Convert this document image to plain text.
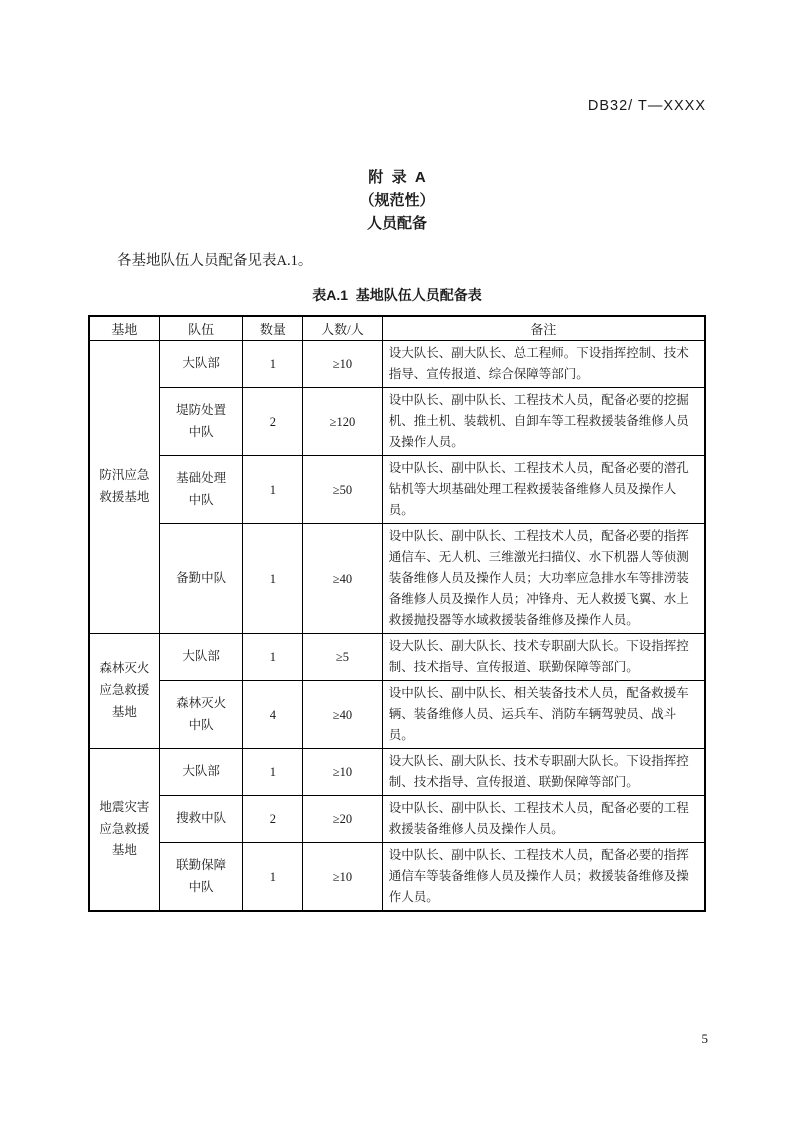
DB32/ T—XXXX
附  录  A
（规范性）
人员配备
各基地队伍人员配备见表A.1。
表A.1  基地队伍人员配备表
基地	队伍	数量	人数/人	备注
防汛应急救援基地	大队部	1	≥10	设大队长、副大队长、总工程师。下设指挥控制、技术指导、宣传报道、综合保障等部门。
	堤防处置中队	2	≥120	设中队长、副中队长、工程技术人员，配备必要的挖掘机、推土机、装载机、自卸车等工程救援装备维修人员及操作人员。
	基础处理中队	1	≥50	设中队长、副中队长、工程技术人员，配备必要的潜孔钻机等大坝基础处理工程救援装备维修人员及操作人员。
	备勤中队	1	≥40	设中队长、副中队长、工程技术人员，配备必要的指挥通信车、无人机、三维激光扫描仪、水下机器人等侦测装备维修人员及操作人员；大功率应急排水车等排涝装备维修人员及操作人员；冲锋舟、无人救援飞翼、水上救援抛投器等水域救援装备维修及操作人员。
森林灭火应急救援基地	大队部	1	≥5	设大队长、副大队长、技术专职副大队长。下设指挥控制、技术指导、宣传报道、联勤保障等部门。
	森林灭火中队	4	≥40	设中队长、副中队长、相关装备技术人员，配备救援车辆、装备维修人员、运兵车、消防车辆驾驶员、战斗员。
地震灾害应急救援基地	大队部	1	≥10	设大队长、副大队长、技术专职副大队长。下设指挥控制、技术指导、宣传报道、联勤保障等部门。
	搜救中队	2	≥20	设中队长、副中队长、工程技术人员，配备必要的工程救援装备维修人员及操作人员。
	联勤保障中队	1	≥10	设中队长、副中队长、工程技术人员，配备必要的指挥通信车等装备维修人员及操作人员；救援装备维修及操作人员。
5
